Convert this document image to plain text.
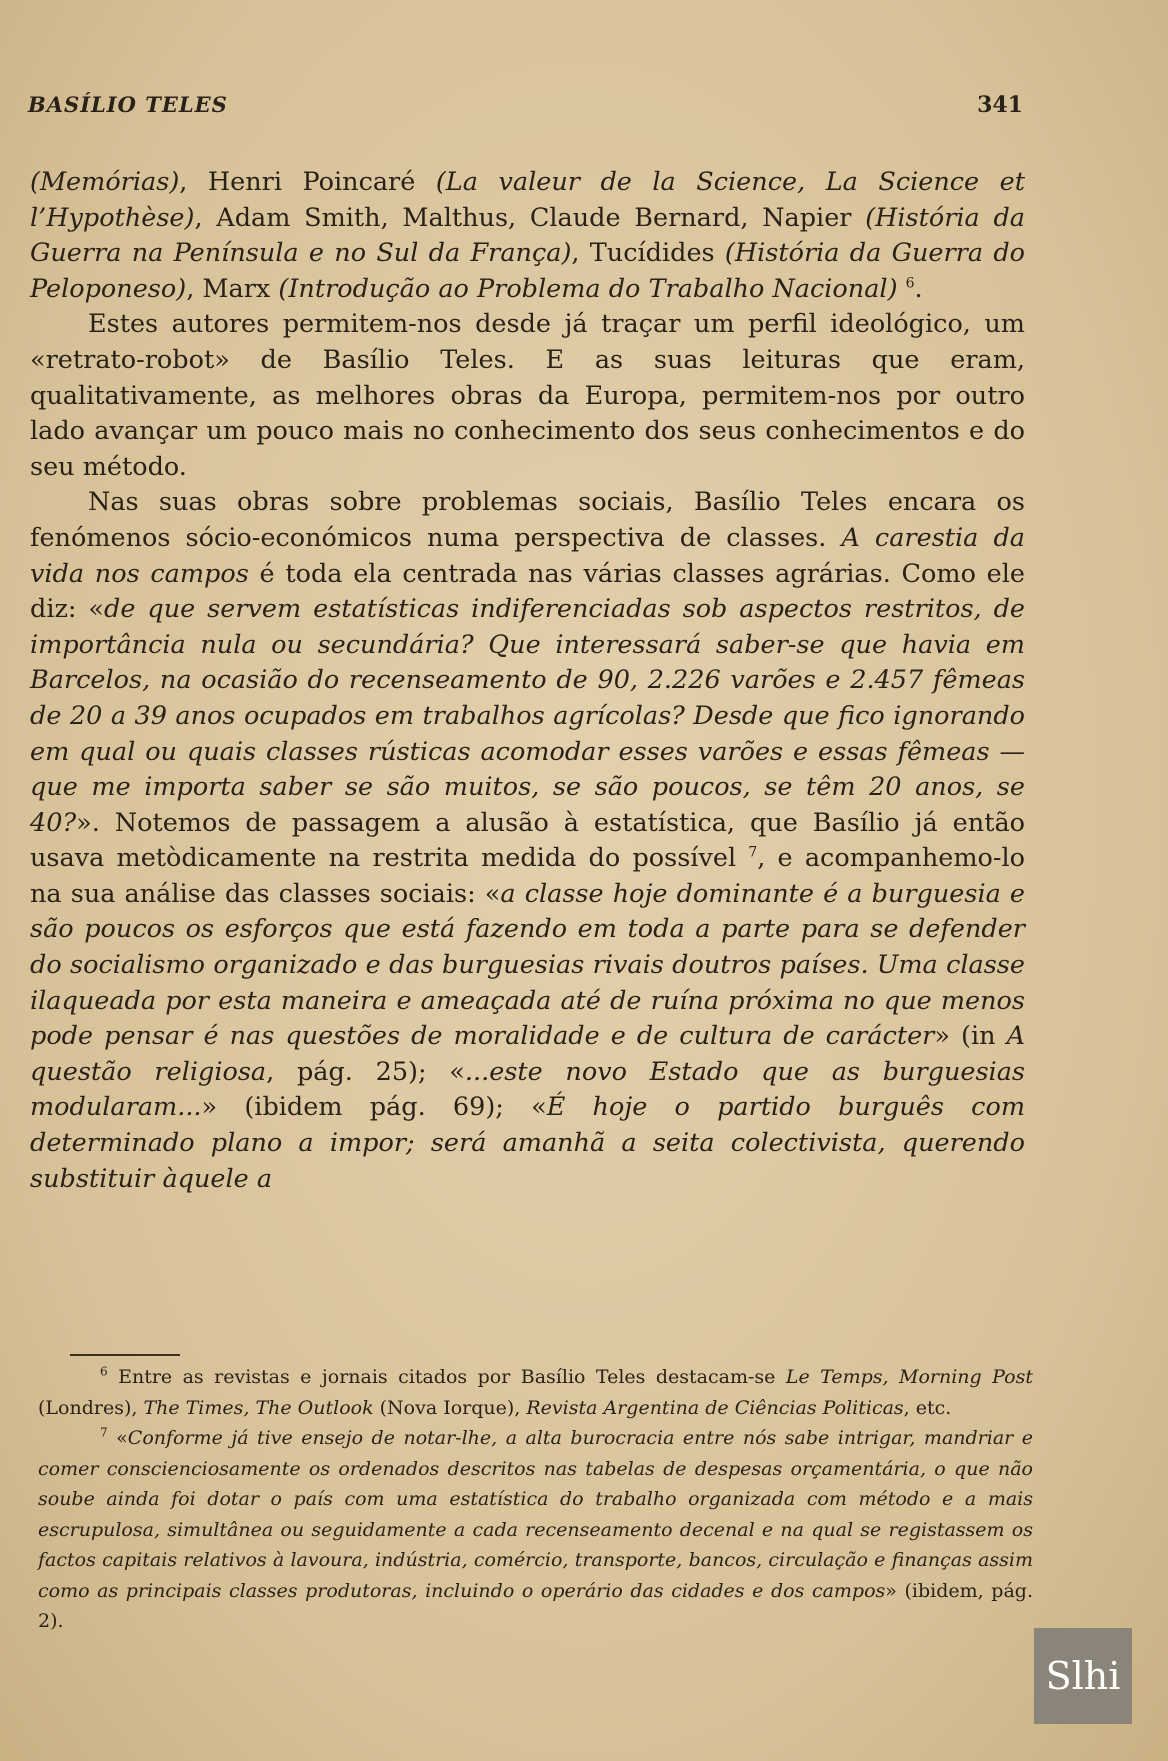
BASÍLIO TELES	341

(Memórias), Henri Poincaré (La valeur de la Science, La Science et l’Hypothèse), Adam Smith, Malthus, Claude Bernard, Napier (História da Guerra na Península e no Sul da França), Tucídides (História da Guerra do Peloponeso), Marx (Introdução ao Problema do Trabalho Nacional) $^6$.

Estes autores permitem-nos desde já traçar um perfil ideológico, um «retrato-robot» de Basílio Teles. E as suas leituras que eram, qualitativamente, as melhores obras da Europa, permitem-nos por outro lado avançar um pouco mais no conhecimento dos seus conhecimentos e do seu método.

Nas suas obras sobre problemas sociais, Basílio Teles encara os fenómenos sócio-económicos numa perspectiva de classes. A carestia da vida nos campos é toda ela centrada nas várias classes agrárias. Como ele diz: «de que servem estatísticas indiferenciadas sob aspectos restritos, de importância nula ou secundária? Que interessará saber-se que havia em Barcelos, na ocasião do recenseamento de 90, 2.226 varões e 2.457 fêmeas de 20 a 39 anos ocupados em trabalhos agrícolas? Desde que fico ignorando em qual ou quais classes rústicas acomodar esses varões e essas fêmeas — que me importa saber se são muitos, se são poucos, se têm 20 anos, se 40?». Notemos de passagem a alusão à estatística, que Basílio já então usava metòdicamente na restrita medida do possível $^7$, e acompanhemo-lo na sua análise das classes sociais: «a classe hoje dominante é a burguesia e são poucos os esforços que está fazendo em toda a parte para se defender do socialismo organizado e das burguesias rivais doutros países. Uma classe ilaqueada por esta maneira e ameaçada até de ruína próxima no que menos pode pensar é nas questões de moralidade e de cultura de carácter» (in A questão religiosa, pág. 25); «...este novo Estado que as burguesias modularam...» (ibidem pág. 69); «É hoje o partido burguês com determinado plano a impor; será amanhã a seita colectivista, querendo substituir àquele a

$^6$ Entre as revistas e jornais citados por Basílio Teles destacam-se Le Temps, Morning Post (Londres), The Times, The Outlook (Nova Iorque), Revista Argentina de Ciências Politicas, etc.

$^7$ «Conforme já tive ensejo de notar-lhe, a alta burocracia entre nós sabe intrigar, mandriar e comer conscienciosamente os ordenados descritos nas tabelas de despesas orçamentária, o que não soube ainda foi dotar o país com uma estatística do trabalho organizada com método e a mais escrupulosa, simultânea ou seguidamente a cada recenseamento decenal e na qual se registassem os factos capitais relativos à lavoura, indústria, comércio, transporte, bancos, circulação e finanças assim como as principais classes produtoras, incluindo o operário das cidades e dos campos» (ibidem, pág. 2).

Slhi
